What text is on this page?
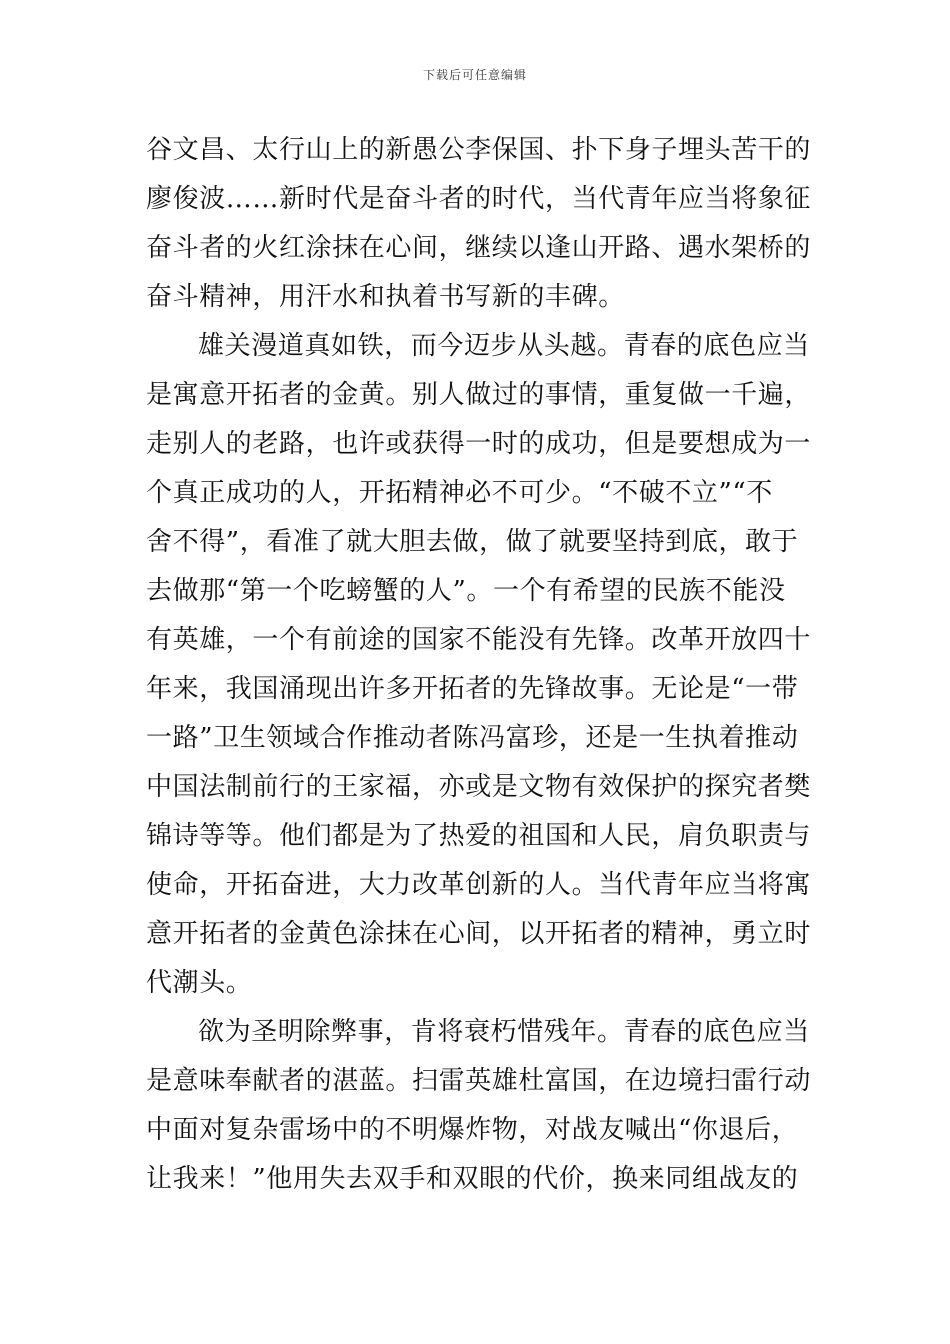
下载后可任意编辑
谷文昌、太行山上的新愚公李保国、扑下身子埋头苦干的
廖俊波……新时代是奋斗者的时代，当代青年应当将象征
奋斗者的火红涂抹在心间，继续以逢山开路、遇水架桥的
奋斗精神，用汗水和执着书写新的丰碑。
雄关漫道真如铁，而今迈步从头越。青春的底色应当
是寓意开拓者的金黄。别人做过的事情，重复做一千遍，
走别人的老路，也许或获得一时的成功，但是要想成为一
个真正成功的人，开拓精神必不可少。“不破不立”“不
舍不得”，看准了就大胆去做，做了就要坚持到底，敢于
去做那“第一个吃螃蟹的人”。一个有希望的民族不能没
有英雄，一个有前途的国家不能没有先锋。改革开放四十
年来，我国涌现出许多开拓者的先锋故事。无论是“一带
一路”卫生领域合作推动者陈冯富珍，还是一生执着推动
中国法制前行的王家福，亦或是文物有效保护的探究者樊
锦诗等等。他们都是为了热爱的祖国和人民，肩负职责与
使命，开拓奋进，大力改革创新的人。当代青年应当将寓
意开拓者的金黄色涂抹在心间，以开拓者的精神，勇立时
代潮头。
欲为圣明除弊事，肯将衰朽惜残年。青春的底色应当
是意味奉献者的湛蓝。扫雷英雄杜富国，在边境扫雷行动
中面对复杂雷场中的不明爆炸物，对战友喊出“你退后，
让我来！”他用失去双手和双眼的代价，换来同组战友的
